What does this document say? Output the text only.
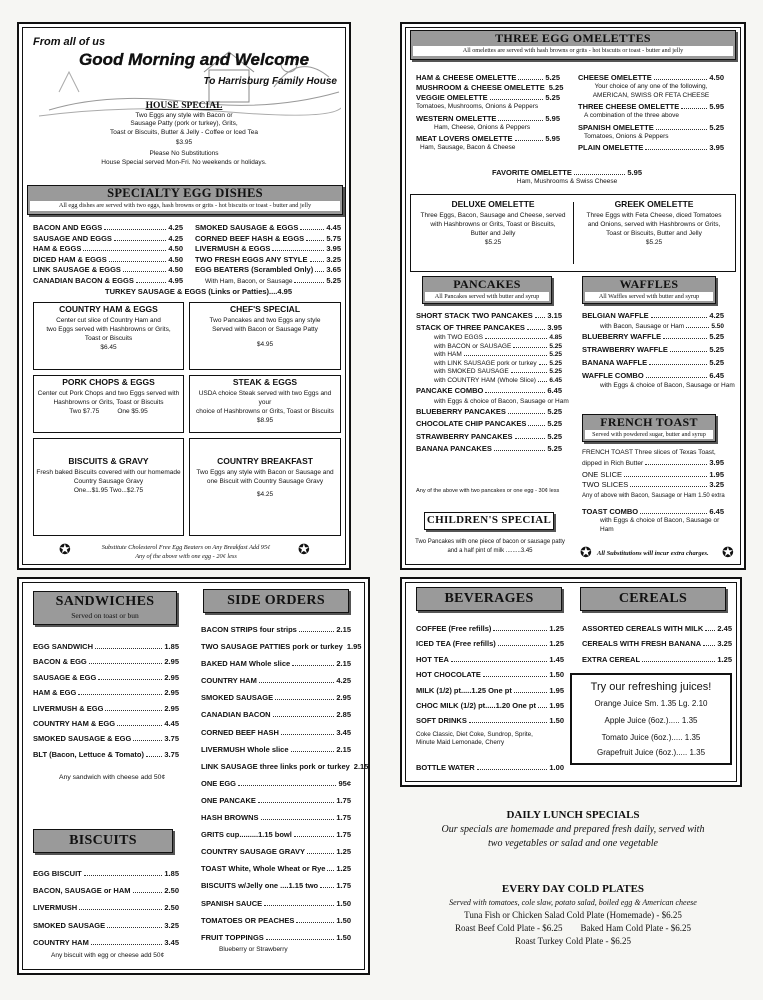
From all of us
Good Morning and Welcome
To Harrisburg Family House
HOUSE SPECIAL
Two Eggs any style with Bacon or
Sausage Patty (pork or turkey), Grits,
Toast or Biscuits, Butter & Jelly - Coffee or Iced Tea
$3.95
Please No Substitutions
House Special served Mon-Fri. No weekends or holidays.
SPECIALTY EGG DISHES
All egg dishes are served with two eggs, hash browns or grits - hot biscuits or toast - butter and jelly
BACON AND EGGS	4.25
SAUSAGE AND EGGS	4.25
HAM & EGGS	4.50
DICED HAM & EGGS	4.50
LINK SAUSAGE & EGGS	4.50
CANADIAN BACON & EGGS	4.95
SMOKED SAUSAGE & EGGS	4.45
CORNED BEEF HASH & EGGS	5.75
LIVERMUSH & EGGS	3.95
TWO FRESH EGGS ANY STYLE	3.25
EGG BEATERS (Scrambled Only) 3.65
With Ham, Bacon, or Sausage	5.25
TURKEY SAUSAGE & EGGS (Links or Patties)....4.95
COUNTRY HAM & EGGS
Center cut slice of Country Ham and
two Eggs served with Hashbrowns or Grits,
Toast or Biscuits
$6.45
CHEF'S SPECIAL
Two Pancakes and two Eggs any style
Served with Bacon or Sausage Patty
$4.95
PORK CHOPS & EGGS
Center cut Pork Chops and two Eggs served with
Hashbrowns or Grits, Toast or Biscuits
Two $7.75          One $5.95
STEAK & EGGS
USDA choice Steak served with two Eggs and your
choice of Hashbrowns or Grits, Toast or Biscuits
$8.95
BISCUITS & GRAVY
Fresh baked Biscuits covered with our homemade
Country Sausage Gravy
One...$1.95 Two...$2.75
COUNTRY BREAKFAST
Two Eggs any style with Bacon or Sausage and
one Biscuit with Country Sausage Gravy
$4.25
✪	✪
Substitute Cholesterol Free Egg Beaters on Any Breakfast Add 95¢
Any of the above with one egg - 20¢ less
THREE EGG OMELETTES
All omelettes are served with hash browns or grits - hot biscuits or toast - butter and jelly
HAM & CHEESE OMELETTE	5.25
MUSHROOM & CHEESE OMELETTE 5.25
VEGGIE OMELETTE	5.25
Tomatoes, Mushrooms, Onions & Peppers
WESTERN OMELETTE	5.95
Ham, Cheese, Onions & Peppers
MEAT LOVERS OMELETTE	5.95
Ham, Sausage, Bacon & Cheese
CHEESE OMELETTE	4.50
Your choice of any one of the following, AMERICAN, SWISS OR FETA CHEESE
THREE CHEESE OMELETTE	5.95
A combination of the three above
SPANISH OMELETTE	5.25
Tomatoes, Onions & Peppers
PLAIN OMELETTE	3.95
FAVORITE OMELETTE	5.95
Ham, Mushrooms & Swiss Cheese
DELUXE OMELETTE
Three Eggs, Bacon, Sausage and Cheese, served
with Hashbrowns or Grits, Toast or Biscuits,
Butter and Jelly
$5.25
GREEK OMELETTE
Three Eggs with Feta Cheese, diced Tomatoes
and Onions, served with Hashbrowns or Grits,
Toast or Biscuits, Butter and Jelly
$5.25
PANCAKES
All Pancakes served with butter and syrup
SHORT STACK TWO PANCAKES 3.15
STACK OF THREE PANCAKES	3.95
with TWO EGGS	4.85
with BACON or SAUSAGE	5.25
with HAM	5.25
with LINK SAUSAGE pork or turkey 5.25
with SMOKED SAUSAGE	5.25
with COUNTRY HAM (Whole Slice) 6.45
PANCAKE COMBO	6.45
with Eggs & choice of Bacon, Sausage or Ham
BLUEBERRY PANCAKES	5.25
CHOCOLATE CHIP PANCAKES	5.25
STRAWBERRY PANCAKES	5.25
BANANA PANCAKES	5.25
Any of the above with two pancakes or one egg - 30¢ less
WAFFLES
All Waffles served with butter and syrup
BELGIAN WAFFLE	4.25
with Bacon, Sausage or Ham	5.50
BLUEBERRY WAFFLE	5.25
STRAWBERRY WAFFLE	5.25
BANANA WAFFLE	5.25
WAFFLE COMBO	6.45
with Eggs & choice of Bacon, Sausage or Ham
FRENCH TOAST
Served with powdered sugar, butter and syrup
FRENCH TOAST Three slices of Texas Toast,
dipped in Rich Butter	3.95
ONE SLICE	1.95
TWO SLICES	3.25
Any of above with Bacon, Sausage or Ham 1.50 extra
TOAST COMBO	6.45
with Eggs & choice of Bacon, Sausage or Ham
✪	✪
All Substitutions will incur extra charges.
CHILDREN'S SPECIAL
Two Pancakes with one piece of bacon or sausage patty
and a half pint of milk .........3.45
SANDWICHES
Served on toast or bun
EGG SANDWICH	1.85
BACON & EGG	2.95
SAUSAGE & EGG	2.95
HAM & EGG	2.95
LIVERMUSH & EGG	2.95
COUNTRY HAM & EGG	4.45
SMOKED SAUSAGE & EGG	3.75
BLT (Bacon, Lettuce & Tomato)	3.75
Any sandwich with cheese add 50¢
BISCUITS
EGG BISCUIT	1.85
BACON, SAUSAGE or HAM	2.50
LIVERMUSH	2.50
SMOKED SAUSAGE	3.25
COUNTRY HAM	3.45
Any biscuit with egg or cheese add 50¢
SIDE ORDERS
BACON STRIPS four strips	2.15
TWO SAUSAGE PATTIES pork or turkey 1.95
BAKED HAM Whole slice	2.15
COUNTRY HAM	4.25
SMOKED SAUSAGE	2.95
CANADIAN BACON	2.85
CORNED BEEF HASH	3.45
LIVERMUSH Whole slice	2.15
LINK SAUSAGE three links pork or turkey 2.15
ONE EGG	95¢
ONE PANCAKE	1.75
HASH BROWNS	1.75
GRITS cup.........1.15 bowl	1.75
COUNTRY SAUSAGE GRAVY	1.25
TOAST White, Whole Wheat or Rye 1.25
BISCUITS w/Jelly one ....1.15 two 1.75
SPANISH SAUCE	1.50
TOMATOES OR PEACHES	1.50
FRUIT TOPPINGS	1.50
Blueberry or Strawberry
BEVERAGES
COFFEE (Free refills)	1.25
ICED TEA (Free refills)	1.25
HOT TEA	1.45
HOT CHOCOLATE	1.50
MILK (1/2) pt.....1.25 One pt	1.95
CHOC MILK (1/2) pt.....1.20 One pt 1.95
SOFT DRINKS	1.50
Coke Classic, Diet Coke, Sundrop, Sprite, Minute Maid Lemonade, Cherry
BOTTLE WATER	1.00
CEREALS
ASSORTED CEREALS WITH MILK 2.45
CEREALS WITH FRESH BANANA 3.25
EXTRA CEREAL	1.25
Try our refreshing juices!
Orange Juice Sm. 1.35 Lg. 2.10
Apple Juice (6oz.)..... 1.35
Tomato Juice (6oz.)..... 1.35
Grapefruit Juice (6oz.)..... 1.35
DAILY LUNCH SPECIALS
Our specials are homemade and prepared fresh daily, served with
two vegetables or salad and one vegetable
EVERY DAY COLD PLATES
Served with tomatoes, cole slaw, potato salad, boiled egg & American cheese
Tuna Fish or Chicken Salad Cold Plate (Homemade) - $6.25
Roast Beef Cold Plate - $6.25        Baked Ham Cold Plate - $6.25
Roast Turkey Cold Plate - $6.25
